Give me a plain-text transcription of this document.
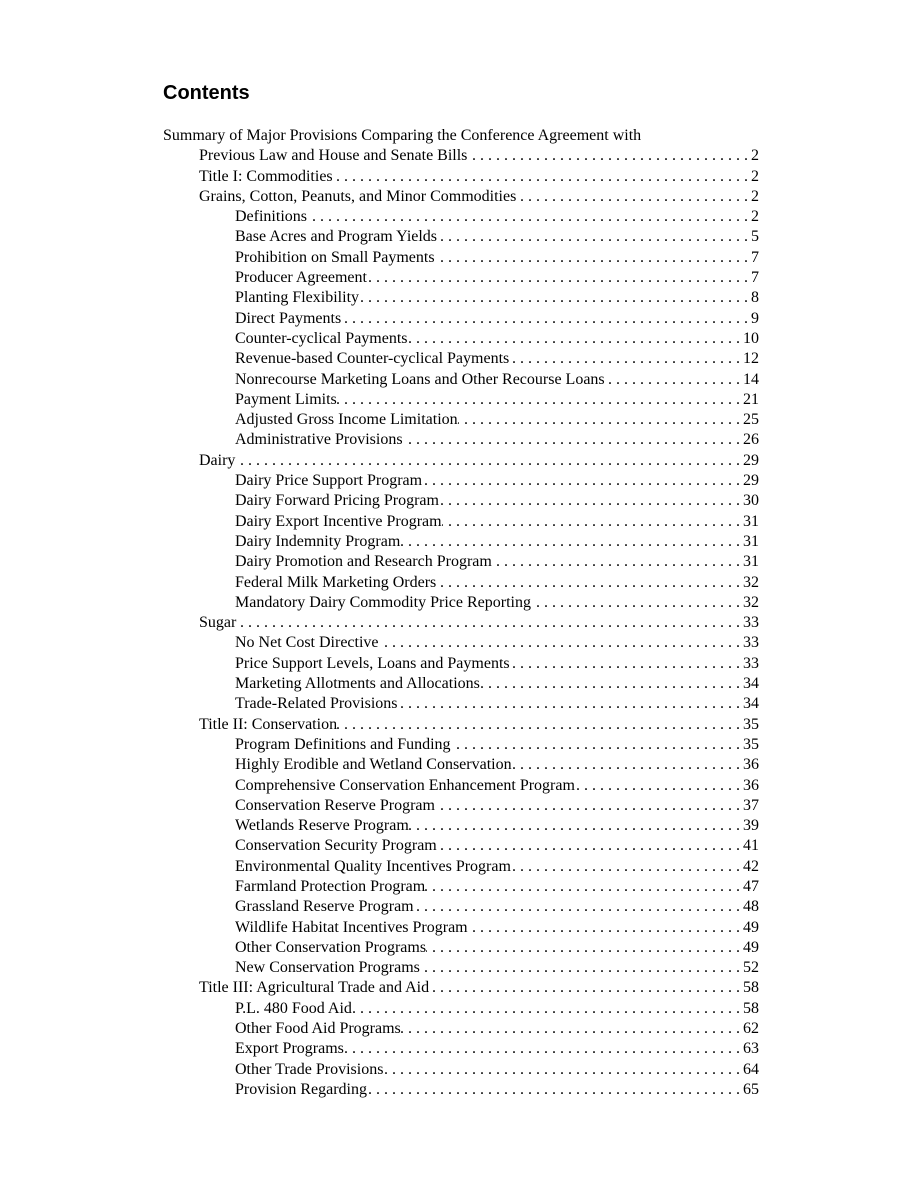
Contents
Summary of Major Provisions Comparing the Conference Agreement with
Previous Law and House and Senate Bills . . .	2
Title I: Commodities . . .	2
Grains, Cotton, Peanuts, and Minor Commodities . . .	2
Definitions . . .	2
Base Acres and Program Yields . . .	5
Prohibition on Small Payments . . .	7
Producer Agreement . . .	7
Planting Flexibility . . .	8
Direct Payments . . .	9
Counter-cyclical Payments . . .	10
Revenue-based Counter-cyclical Payments . . .	12
Nonrecourse Marketing Loans and Other Recourse Loans . . .	14
Payment Limits . . .	21
Adjusted Gross Income Limitation . . .	25
Administrative Provisions . . .	26
Dairy . . .	29
Dairy Price Support Program . . .	29
Dairy Forward Pricing Program . . .	30
Dairy Export Incentive Program . . .	31
Dairy Indemnity Program . . .	31
Dairy Promotion and Research Program . . .	31
Federal Milk Marketing Orders . . .	32
Mandatory Dairy Commodity Price Reporting . . .	32
Sugar . . .	33
No Net Cost Directive . . .	33
Price Support Levels, Loans and Payments . . .	33
Marketing Allotments and Allocations . . .	34
Trade-Related Provisions . . .	34
Title II: Conservation . . .	35
Program Definitions and Funding . . .	35
Highly Erodible and Wetland Conservation . . .	36
Comprehensive Conservation Enhancement Program . . .	36
Conservation Reserve Program . . .	37
Wetlands Reserve Program . . .	39
Conservation Security Program . . .	41
Environmental Quality Incentives Program . . .	42
Farmland Protection Program . . .	47
Grassland Reserve Program . . .	48
Wildlife Habitat Incentives Program . . .	49
Other Conservation Programs . . .	49
New Conservation Programs . . .	52
Title III: Agricultural Trade and Aid . . .	58
P.L. 480 Food Aid . . .	58
Other Food Aid Programs . . .	62
Export Programs . . .	63
Other Trade Provisions . . .	64
Provision Regarding . . .	65
